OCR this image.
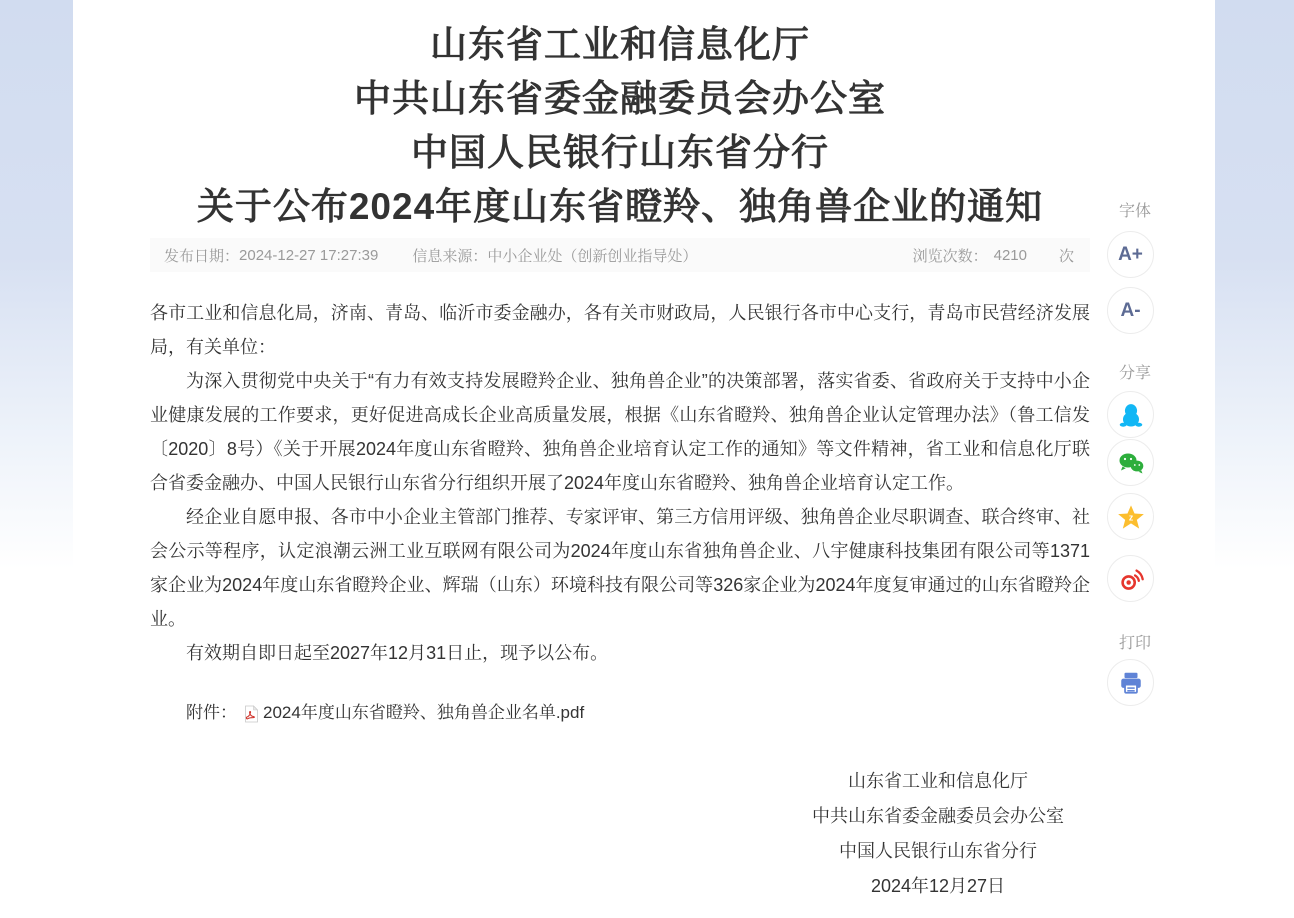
山东省工业和信息化厅
中共山东省委金融委员会办公室
中国人民银行山东省分行
关于公布2024年度山东省瞪羚、独角兽企业的通知
发布日期： 2024-12-27 17:27:39 信息来源： 中小企业处（创新创业指导处）	浏览次数： 4210 次

各市工业和信息化局，济南、青岛、临沂市委金融办，各有关市财政局，人民银行各市中心支行，青岛市民营经济发展局，有关单位：

为深入贯彻党中央关于“有力有效支持发展瞪羚企业、独角兽企业”的决策部署，落实省委、省政府关于支持中小企业健康发展的工作要求，更好促进高成长企业高质量发展，根据《山东省瞪羚、独角兽企业认定管理办法》（鲁工信发〔2020〕8号）《关于开展2024年度山东省瞪羚、独角兽企业培育认定工作的通知》等文件精神，省工业和信息化厅联合省委金融办、中国人民银行山东省分行组织开展了2024年度山东省瞪羚、独角兽企业培育认定工作。

经企业自愿申报、各市中小企业主管部门推荐、专家评审、第三方信用评级、独角兽企业尽职调查、联合终审、社会公示等程序，认定浪潮云洲工业互联网有限公司为2024年度山东省独角兽企业、八宇健康科技集团有限公司等1371家企业为2024年度山东省瞪羚企业、辉瑞（山东）环境科技有限公司等326家企业为2024年度复审通过的山东省瞪羚企业。

有效期自即日起至2027年12月31日止，现予以公布。

附件： 2024年度山东省瞪羚、独角兽企业名单.pdf
山东省工业和信息化厅
中共山东省委金融委员会办公室
中国人民银行山东省分行
2024年12月27日
字体
A+
A-
分享
z
打印
